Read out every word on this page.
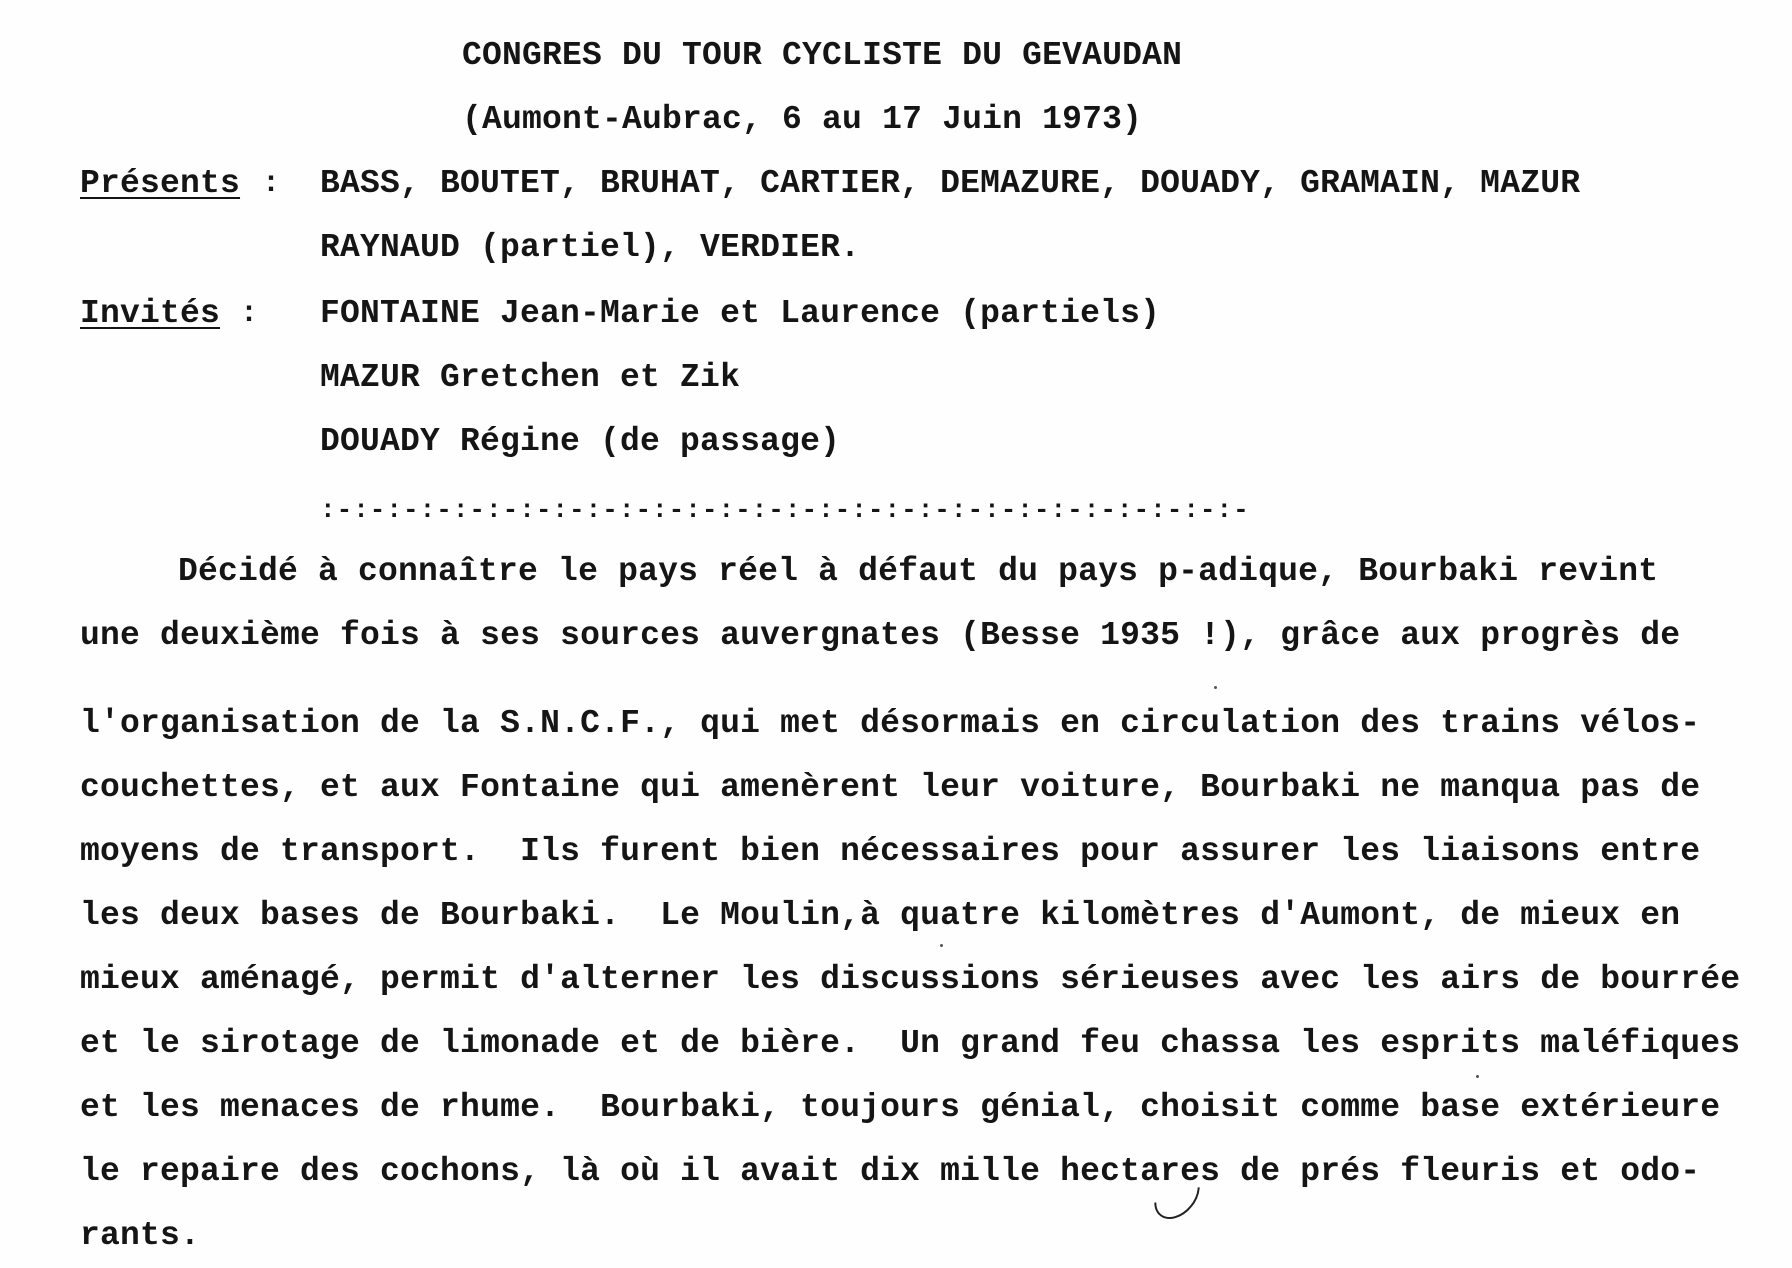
CONGRES DU TOUR CYCLISTE DU GEVAUDAN
(Aumont-Aubrac, 6 au 17 Juin 1973)
Présents : BASS, BOUTET, BRUHAT, CARTIER, DEMAZURE, DOUADY, GRAMAIN, MAZUR
RAYNAUD (partiel), VERDIER.
Invités : FONTAINE Jean-Marie et Laurence (partiels)
MAZUR Gretchen et Zik
DOUADY Régine (de passage)
:-:-:-:-:-:-:-:-:-:-:-:-:-:-:-:-:-:-:-:-:-:-:-:-:-:-:-:-
Décidé à connaître le pays réel à défaut du pays p-adique, Bourbaki revint
une deuxième fois à ses sources auvergnates (Besse 1935 !), grâce aux progrès de
l'organisation de la S.N.C.F., qui met désormais en circulation des trains vélos-
couchettes, et aux Fontaine qui amenèrent leur voiture, Bourbaki ne manqua pas de
moyens de transport.  Ils furent bien nécessaires pour assurer les liaisons entre
les deux bases de Bourbaki.  Le Moulin,à quatre kilomètres d'Aumont, de mieux en
mieux aménagé, permit d'alterner les discussions sérieuses avec les airs de bourrée
et le sirotage de limonade et de bière.  Un grand feu chassa les esprits maléfiques
et les menaces de rhume.  Bourbaki, toujours génial, choisit comme base extérieure
le repaire des cochons, là où il avait dix mille hectares de prés fleuris et odo-
rants.
